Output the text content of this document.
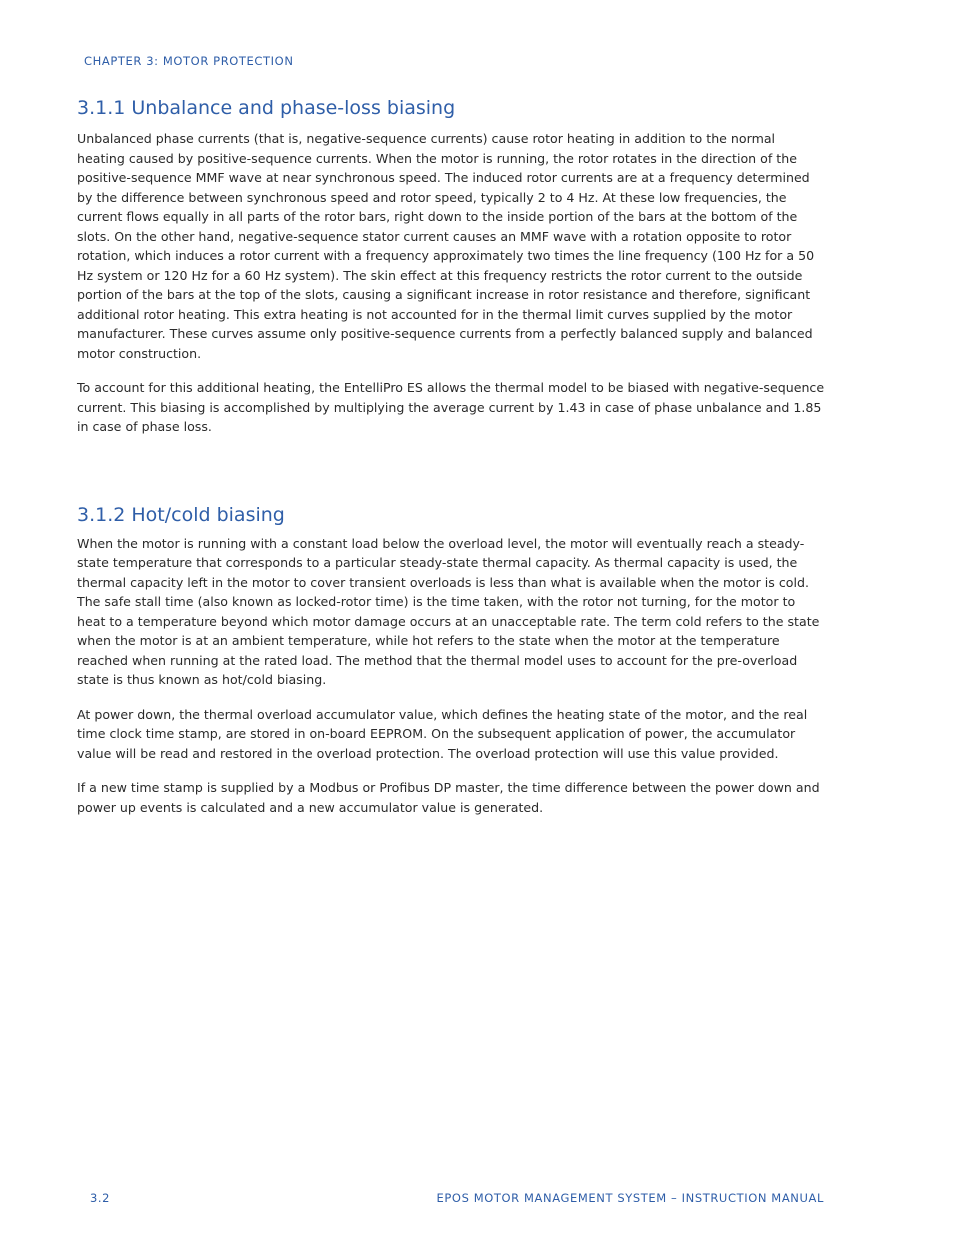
CHAPTER 3: MOTOR PROTECTION
3.1.1 Unbalance and phase-loss biasing

Unbalanced phase currents (that is, negative-sequence currents) cause rotor heating in addition to the normal heating caused by positive-sequence currents. When the motor is running, the rotor rotates in the direction of the positive-sequence MMF wave at near synchronous speed. The induced rotor currents are at a frequency determined by the difference between synchronous speed and rotor speed, typically 2 to 4 Hz. At these low frequencies, the current flows equally in all parts of the rotor bars, right down to the inside portion of the bars at the bottom of the slots. On the other hand, negative-sequence stator current causes an MMF wave with a rotation opposite to rotor rotation, which induces a rotor current with a frequency approximately two times the line frequency (100 Hz for a 50 Hz system or 120 Hz for a 60 Hz system). The skin effect at this frequency restricts the rotor current to the outside portion of the bars at the top of the slots, causing a significant increase in rotor resistance and therefore, significant additional rotor heating. This extra heating is not accounted for in the thermal limit curves supplied by the motor manufacturer. These curves assume only positive-sequence currents from a perfectly balanced supply and balanced motor construction.

To account for this additional heating, the EntelliPro ES allows the thermal model to be biased with negative-sequence current. This biasing is accomplished by multiplying the average current by 1.43 in case of phase unbalance and 1.85 in case of phase loss.

3.1.2 Hot/cold biasing

When the motor is running with a constant load below the overload level, the motor will eventually reach a steady-state temperature that corresponds to a particular steady-state thermal capacity. As thermal capacity is used, the thermal capacity left in the motor to cover transient overloads is less than what is available when the motor is cold. The safe stall time (also known as locked-rotor time) is the time taken, with the rotor not turning, for the motor to heat to a temperature beyond which motor damage occurs at an unacceptable rate. The term cold refers to the state when the motor is at an ambient temperature, while hot refers to the state when the motor at the temperature reached when running at the rated load. The method that the thermal model uses to account for the pre-overload state is thus known as hot/cold biasing.

At power down, the thermal overload accumulator value, which defines the heating state of the motor, and the real time clock time stamp, are stored in on-board EEPROM. On the subsequent application of power, the accumulator value will be read and restored in the overload protection. The overload protection will use this value provided.

If a new time stamp is supplied by a Modbus or Profibus DP master, the time difference between the power down and power up events is calculated and a new accumulator value is generated.

3.2	EPOS MOTOR MANAGEMENT SYSTEM – INSTRUCTION MANUAL
